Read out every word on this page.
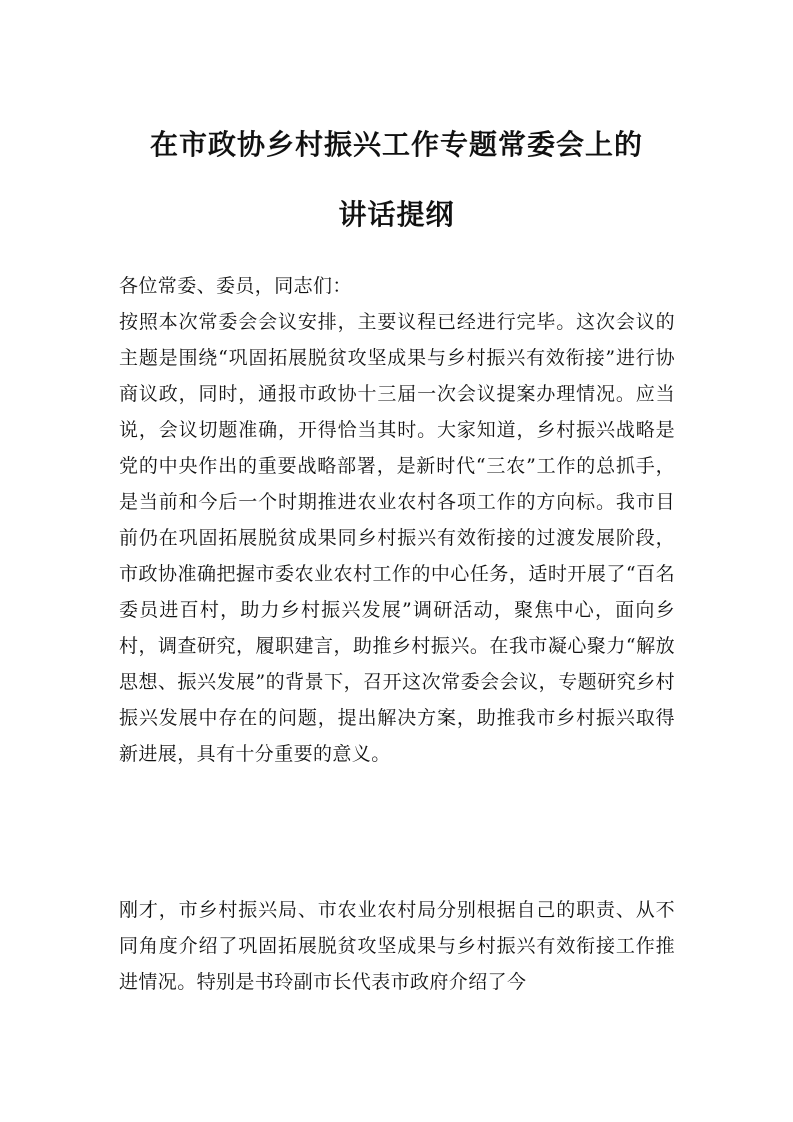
在市政协乡村振兴工作专题常委会上的
讲话提纲

各位常委、委员，同志们：

按照本次常委会会议安排，主要议程已经进行完毕。这次会议的主题是围绕“巩固拓展脱贫攻坚成果与乡村振兴有效衔接”进行协商议政，同时，通报市政协十三届一次会议提案办理情况。应当说，会议切题准确，开得恰当其时。大家知道，乡村振兴战略是党的中央作出的重要战略部署，是新时代“三农”工作的总抓手，是当前和今后一个时期推进农业农村各项工作的方向标。我市目前仍在巩固拓展脱贫成果同乡村振兴有效衔接的过渡发展阶段，市政协准确把握市委农业农村工作的中心任务，适时开展了“百名委员进百村，助力乡村振兴发展”调研活动，聚焦中心，面向乡村，调查研究，履职建言，助推乡村振兴。在我市凝心聚力“解放思想、振兴发展”的背景下，召开这次常委会会议，专题研究乡村振兴发展中存在的问题，提出解决方案，助推我市乡村振兴取得新进展，具有十分重要的意义。

刚才，市乡村振兴局、市农业农村局分别根据自己的职责、从不同角度介绍了巩固拓展脱贫攻坚成果与乡村振兴有效衔接工作推进情况。特别是书玲副市长代表市政府介绍了今
